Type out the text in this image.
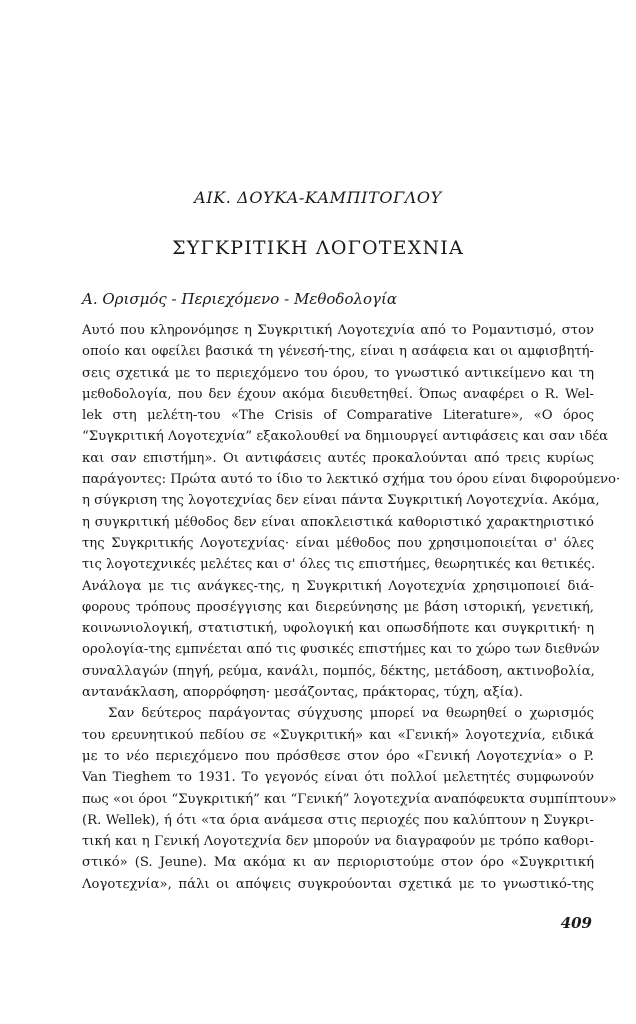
ΑΙΚ. ΔΟΥΚΑ-ΚΑΜΠΙΤΟΓΛΟΥ
ΣΥΓΚΡΙΤΙΚΗ ΛΟΓΟΤΕΧΝΙΑ
Α. Ορισμός - Περιεχόμενο - Μεθοδολογία
Αυτό που κληρονόμησε η Συγκριτική Λογοτεχνία από το Ρομαντισμό, στον
οποίο και οφείλει βασικά τη γένεσή-της, είναι η ασάφεια και οι αμφισβητή-
σεις σχετικά με το περιεχόμενο του όρου, το γνωστικό αντικείμενο και τη
μεθοδολογία, που δεν έχουν ακόμα διευθετηθεί. Όπως αναφέρει ο R. Wel-
lek στη μελέτη-του «The Crisis of Comparative Literature», «Ο όρος
“Συγκριτική Λογοτεχνία” εξακολουθεί να δημιουργεί αντιφάσεις και σαν ιδέα
και σαν επιστήμη». Οι αντιφάσεις αυτές προκαλούνται από τρεις κυρίως
παράγοντες: Πρώτα αυτό το ίδιο το λεκτικό σχήμα του όρου είναι διφορούμενο·
η σύγκριση της λογοτεχνίας δεν είναι πάντα Συγκριτική Λογοτεχνία. Ακόμα,
η συγκριτική μέθοδος δεν είναι αποκλειστικά καθοριστικό χαρακτηριστικό
της Συγκριτικής Λογοτεχνίας· είναι μέθοδος που χρησιμοποιείται σ' όλες
τις λογοτεχνικές μελέτες και σ' όλες τις επιστήμες, θεωρητικές και θετικές.
Ανάλογα με τις ανάγκες-της, η Συγκριτική Λογοτεχνία χρησιμοποιεί διά-
φορους τρόπους προσέγγισης και διερεύνησης με βάση ιστορική, γενετική,
κοινωνιολογική, στατιστική, υφολογική και οπωσδήποτε και συγκριτική· η
ορολογία-της εμπνέεται από τις φυσικές επιστήμες και το χώρο των διεθνών
συναλλαγών (πηγή, ρεύμα, κανάλι, πομπός, δέκτης, μετάδοση, ακτινοβολία,
αντανάκλαση, απορρόφηση· μεσάζοντας, πράκτορας, τύχη, αξία).
Σαν δεύτερος παράγοντας σύγχυσης μπορεί να θεωρηθεί ο χωρισμός
του ερευνητικού πεδίου σε «Συγκριτική» και «Γενική» λογοτεχνία, ειδικά
με το νέο περιεχόμενο που πρόσθεσε στον όρο «Γενική Λογοτεχνία» ο P.
Van Tieghem το 1931. Το γεγονός είναι ότι πολλοί μελετητές συμφωνούν
πως «οι όροι “Συγκριτική” και “Γενική” λογοτεχνία αναπόφευκτα συμπίπτουν»
(R. Wellek), ή ότι «τα όρια ανάμεσα στις περιοχές που καλύπτουν η Συγκρι-
τική και η Γενική Λογοτεχνία δεν μπορούν να διαγραφούν με τρόπο καθορι-
στικό» (S. Jeune). Μα ακόμα κι αν περιοριστούμε στον όρο «Συγκριτική
Λογοτεχνία», πάλι οι απόψεις συγκρούονται σχετικά με το γνωστικό-της
409
